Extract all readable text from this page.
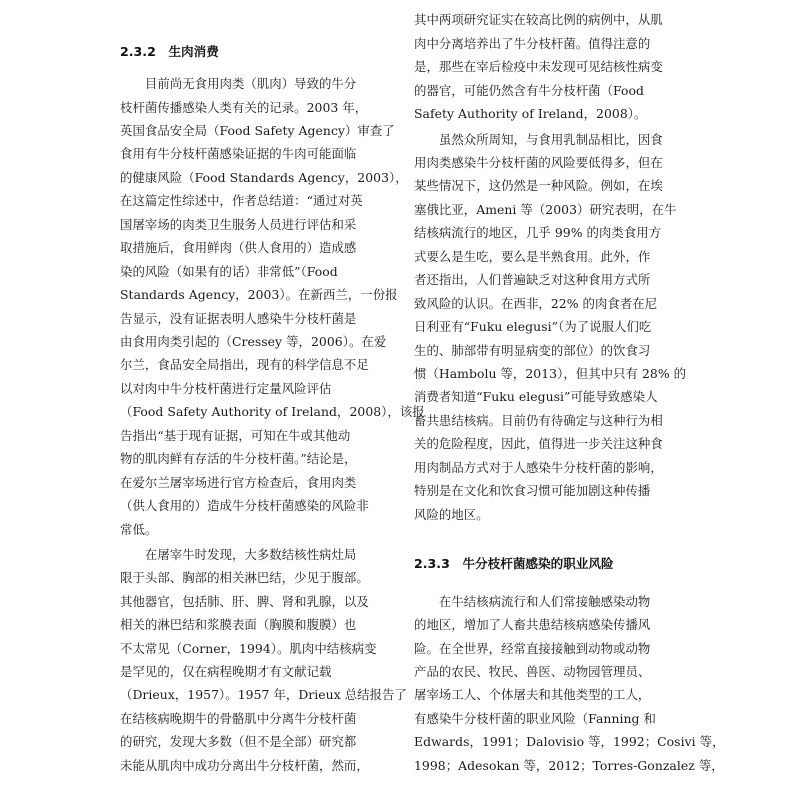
2.3.2　生肉消费
　　目前尚无食用肉类（肌肉）导致的牛分
枝杆菌传播感染人类有关的记录。2003 年，
英国食品安全局（Food Safety Agency）审查了
食用有牛分枝杆菌感染证据的牛肉可能面临
的健康风险（Food Standards Agency，2003），
在这篇定性综述中，作者总结道：“通过对英
国屠宰场的肉类卫生服务人员进行评估和采
取措施后，食用鲜肉（供人食用的）造成感
染的风险（如果有的话）非常低”（Food
Standards Agency，2003）。在新西兰，一份报
告显示，没有证据表明人感染牛分枝杆菌是
由食用肉类引起的（Cressey 等，2006）。在爱
尔兰，食品安全局指出，现有的科学信息不足
以对肉中牛分枝杆菌进行定量风险评估
（Food Safety Authority of Ireland，2008），该报
告指出“基于现有证据，可知在牛或其他动
物的肌肉鲜有存活的牛分枝杆菌。”结论是，
在爱尔兰屠宰场进行官方检查后，食用肉类
（供人食用的）造成牛分枝杆菌感染的风险非
常低。
　　在屠宰牛时发现，大多数结核性病灶局
限于头部、胸部的相关淋巴结，少见于腹部。
其他器官，包括肺、肝、脾、肾和乳腺，以及
相关的淋巴结和浆膜表面（胸膜和腹膜）也
不太常见（Corner，1994）。肌肉中结核病变
是罕见的，仅在病程晚期才有文献记载
（Drieux，1957）。1957 年，Drieux 总结报告了
在结核病晚期牛的骨骼肌中分离牛分枝杆菌
的研究，发现大多数（但不是全部）研究都
未能从肌肉中成功分离出牛分枝杆菌，然而，
其中两项研究证实在较高比例的病例中，从肌
肉中分离培养出了牛分枝杆菌。值得注意的
是，那些在宰后检疫中未发现可见结核性病变
的器官，可能仍然含有牛分枝杆菌（Food
Safety Authority of Ireland，2008）。
　　虽然众所周知，与食用乳制品相比，因食
用肉类感染牛分枝杆菌的风险要低得多，但在
某些情况下，这仍然是一种风险。例如，在埃
塞俄比亚，Ameni 等（2003）研究表明，在牛
结核病流行的地区，几乎 99% 的肉类食用方
式要么是生吃，要么是半熟食用。此外，作
者还指出，人们普遍缺乏对这种食用方式所
致风险的认识。在西非，22% 的肉食者在尼
日利亚有“Fuku elegusi”（为了说服人们吃
生的、肺部带有明显病变的部位）的饮食习
惯（Hambolu 等，2013），但其中只有 28% 的
消费者知道“Fuku elegusi”可能导致感染人
畜共患结核病。目前仍有待确定与这种行为相
关的危险程度，因此，值得进一步关注这种食
用肉制品方式对于人感染牛分枝杆菌的影响，
特别是在文化和饮食习惯可能加剧这种传播
风险的地区。
2.3.3　牛分枝杆菌感染的职业风险
　　在牛结核病流行和人们常接触感染动物
的地区，增加了人畜共患结核病感染传播风
险。在全世界，经常直接接触到动物或动物
产品的农民、牧民、兽医、动物园管理员、
屠宰场工人、个体屠夫和其他类型的工人，
有感染牛分枝杆菌的职业风险（Fanning 和
Edwards，1991；Dalovisio 等，1992；Cosivi 等，
1998；Adesokan 等，2012；Torres-Gonzalez 等，
